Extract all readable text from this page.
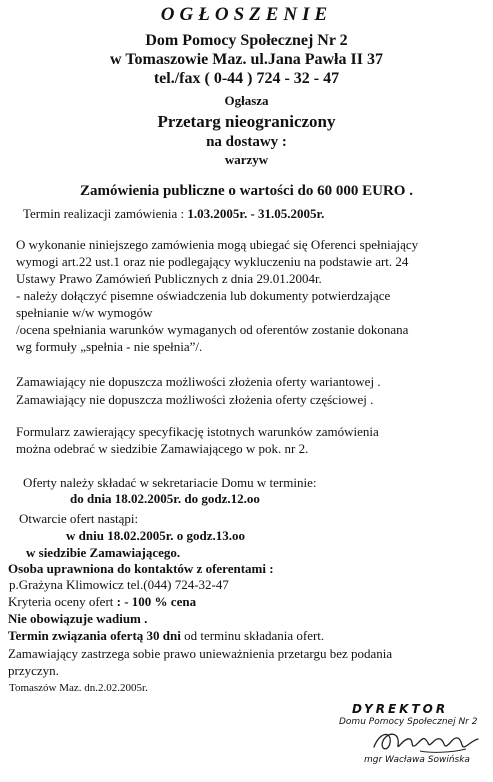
OGŁOSZENIE
Dom Pomocy Społecznej Nr 2
w Tomaszowie Maz. ul.Jana Pawła II 37
tel./fax ( 0-44 ) 724 - 32 - 47
Ogłasza
Przetarg nieograniczony
na dostawy :
warzyw
Zamówienia publiczne o wartości do 60 000 EURO .
Termin realizacji zamówienia : 1.03.2005r. - 31.05.2005r.
O wykonanie niniejszego zamówienia mogą ubiegać się Oferenci spełniający
wymogi art.22 ust.1 oraz nie podlegający wykluczeniu na podstawie art. 24
Ustawy Prawo Zamówień Publicznych z dnia 29.01.2004r.
- należy dołączyć pisemne oświadczenia lub dokumenty potwierdzające
spełnianie w/w wymogów
/ocena spełniania warunków wymaganych od oferentów zostanie dokonana
wg formuły „spełnia - nie spełnia”/.
Zamawiający nie dopuszcza możliwości złożenia oferty wariantowej .
Zamawiający nie dopuszcza możliwości złożenia oferty częściowej .
Formularz zawierający specyfikację istotnych warunków zamówienia
można odebrać w siedzibie Zamawiającego w pok. nr 2.
Oferty należy składać w sekretariacie Domu w terminie:
do dnia 18.02.2005r. do godz.12.oo
Otwarcie ofert nastąpi:
w dniu 18.02.2005r. o godz.13.oo
w siedzibie Zamawiającego.
Osoba uprawniona do kontaktów z oferentami :
p.Grażyna Klimowicz tel.(044) 724-32-47
Kryteria oceny ofert : - 100 % cena
Nie obowiązuje wadium .
Termin związania ofertą 30 dni od terminu składania ofert.
Zamawiający zastrzega sobie prawo unieważnienia przetargu bez podania
przyczyn.
Tomaszów Maz. dn.2.02.2005r.
DYREKTOR
Domu Pomocy Społecznej Nr 2
mgr Wacława Sowińska
